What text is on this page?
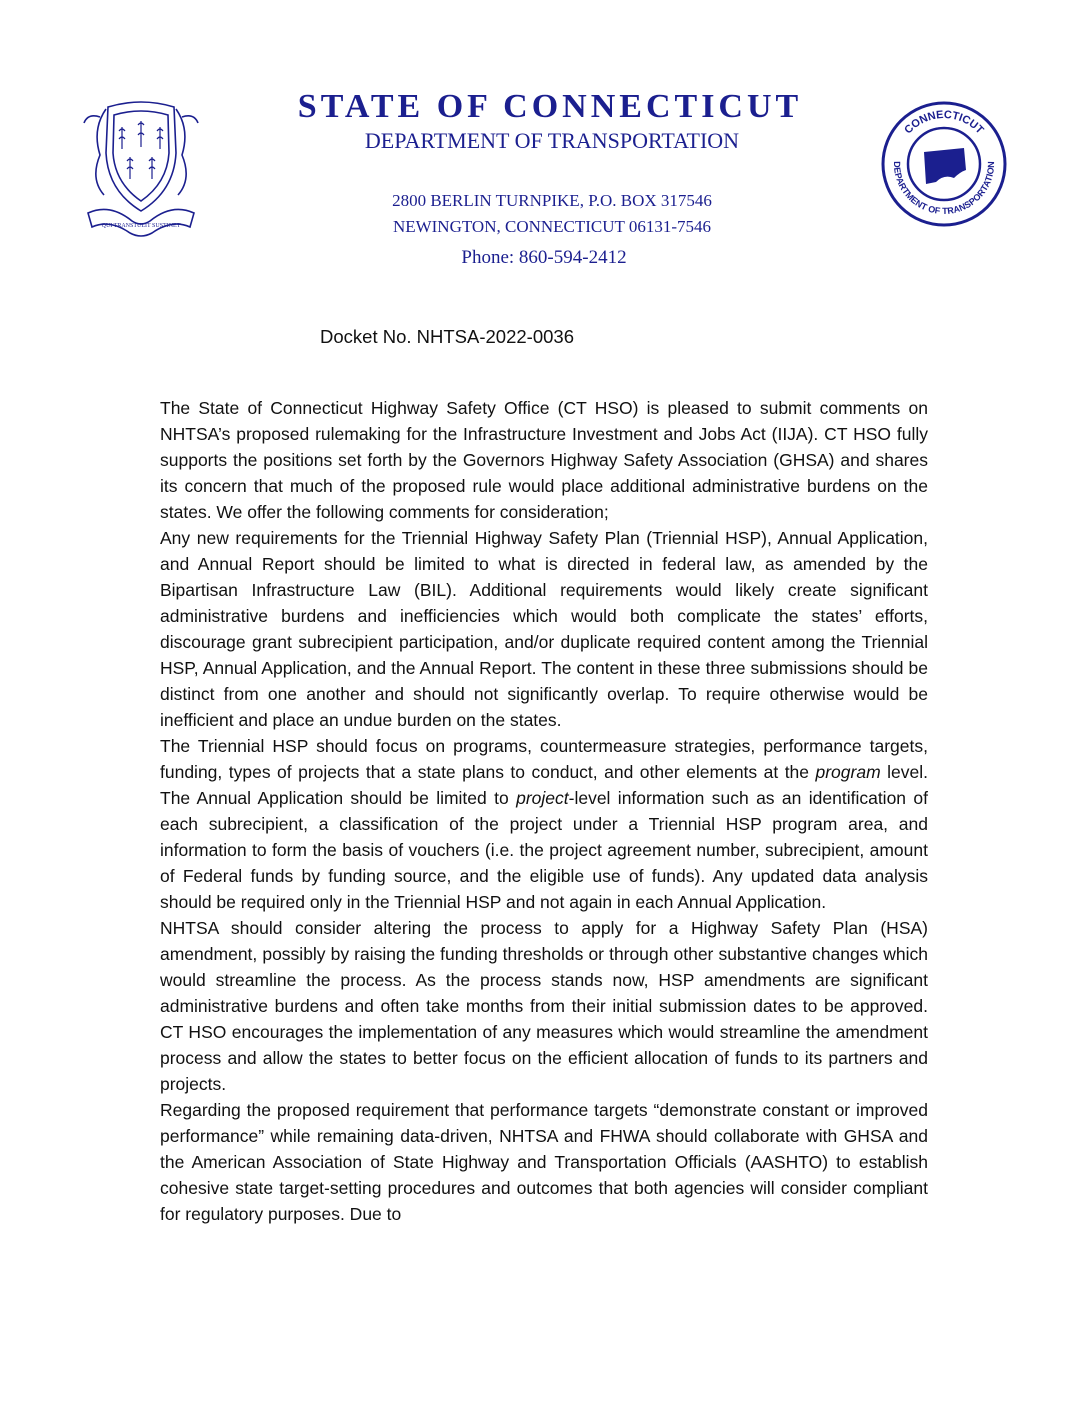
QUI TRANSTULIT SUSTINET
CONNECTICUT
DEPARTMENT OF TRANSPORTATION
STATE OF CONNECTICUT
DEPARTMENT OF TRANSPORTATION
2800 BERLIN TURNPIKE, P.O. BOX 317546
NEWINGTON, CONNECTICUT 06131-7546
Phone: 860-594-2412
Docket No. NHTSA-2022-0036

The State of Connecticut Highway Safety Office (CT HSO) is pleased to submit comments on NHTSA’s proposed rulemaking for the Infrastructure Investment and Jobs Act (IIJA). CT HSO fully supports the positions set forth by the Governors Highway Safety Association (GHSA) and shares its concern that much of the proposed rule would place additional administrative burdens on the states. We offer the following comments for consideration;

Any new requirements for the Triennial Highway Safety Plan (Triennial HSP), Annual Application, and Annual Report should be limited to what is directed in federal law, as amended by the Bipartisan Infrastructure Law (BIL). Additional requirements would likely create significant administrative burdens and inefficiencies which would both complicate the states’ efforts, discourage grant subrecipient participation, and/or duplicate required content among the Triennial HSP, Annual Application, and the Annual Report. The content in these three submissions should be distinct from one another and should not significantly overlap. To require otherwise would be inefficient and place an undue burden on the states.

The Triennial HSP should focus on programs, countermeasure strategies, performance targets, funding, types of projects that a state plans to conduct, and other elements at the program level. The Annual Application should be limited to project-level information such as an identification of each subrecipient, a classification of the project under a Triennial HSP program area, and information to form the basis of vouchers (i.e. the project agreement number, subrecipient, amount of Federal funds by funding source, and the eligible use of funds). Any updated data analysis should be required only in the Triennial HSP and not again in each Annual Application.

NHTSA should consider altering the process to apply for a Highway Safety Plan (HSA) amendment, possibly by raising the funding thresholds or through other substantive changes which would streamline the process. As the process stands now, HSP amendments are significant administrative burdens and often take months from their initial submission dates to be approved. CT HSO encourages the implementation of any measures which would streamline the amendment process and allow the states to better focus on the efficient allocation of funds to its partners and projects.

Regarding the proposed requirement that performance targets “demonstrate constant or improved performance” while remaining data-driven, NHTSA and FHWA should collaborate with GHSA and the American Association of State Highway and Transportation Officials (AASHTO) to establish cohesive state target-setting procedures and outcomes that both agencies will consider compliant for regulatory purposes. Due to
